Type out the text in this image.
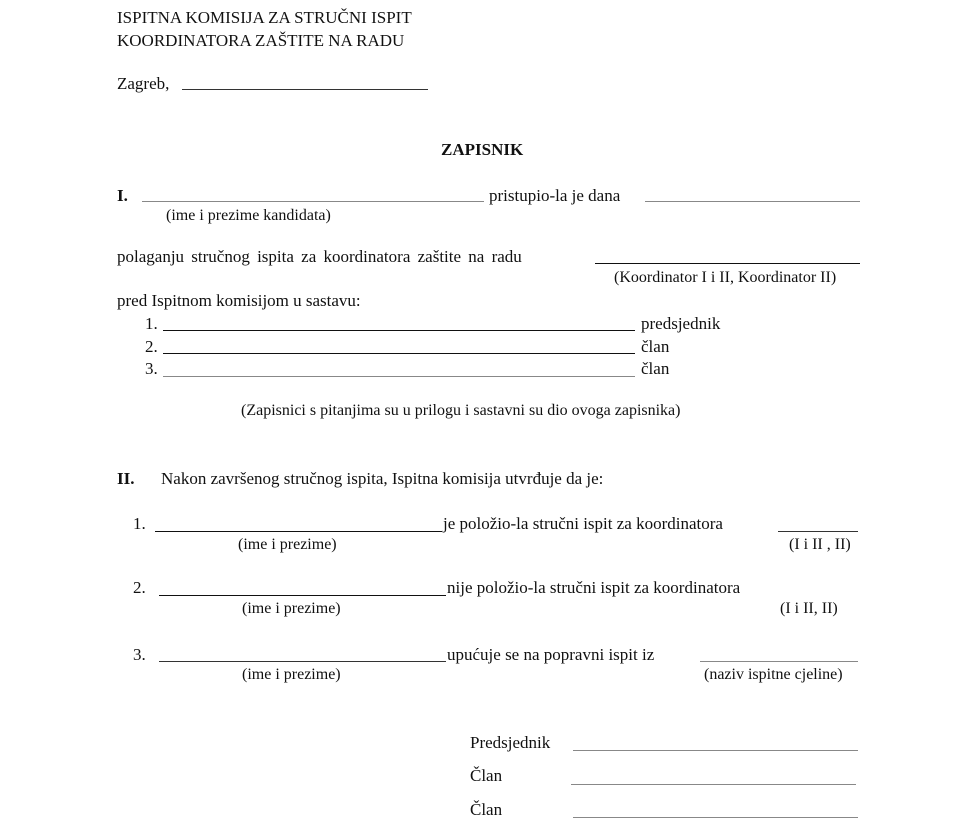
ISPITNA KOMISIJA ZA STRUČNI ISPIT
KOORDINATORA ZAŠTITE NA RADU
Zagreb,
ZAPISNIK
I.	pristupio-la je dana
(ime i prezime kandidata)
polaganju stručnog ispita za koordinatora zaštite na radu
(Koordinator I i II, Koordinator II)
pred Ispitnom komisijom u sastavu:
1.	predsjednik
2.	član
3.	član
(Zapisnici s pitanjima su u prilogu i sastavni su dio ovoga zapisnika)
II. Nakon završenog stručnog ispita, Ispitna komisija utvrđuje da je:
1.	je položio-la stručni ispit za koordinatora
(ime i prezime)	(I i II , II)
2.	nije položio-la stručni ispit za koordinatora
(ime i prezime)	(I i II, II)
3.	upućuje se na popravni ispit iz
(ime i prezime)	(naziv ispitne cjeline)
Predsjednik
Član
Član
